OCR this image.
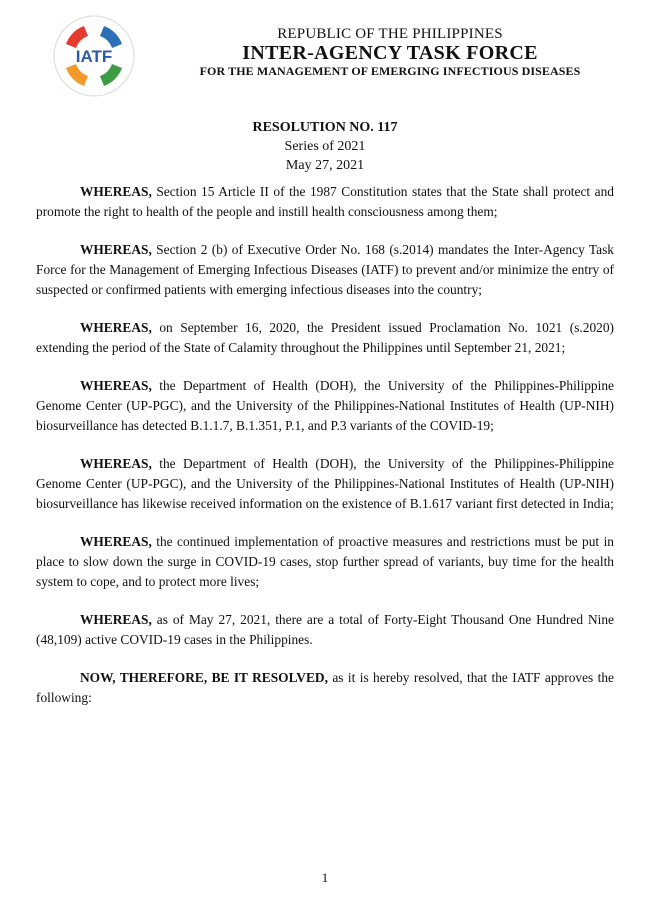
IATF
REPUBLIC OF THE PHILIPPINES
INTER-AGENCY TASK FORCE
FOR THE MANAGEMENT OF EMERGING INFECTIOUS DISEASES
RESOLUTION NO. 117
Series of 2021
May 27, 2021

WHEREAS, Section 15 Article II of the 1987 Constitution states that the State shall protect and promote the right to health of the people and instill health consciousness among them;

WHEREAS, Section 2 (b) of Executive Order No. 168 (s.2014) mandates the Inter-Agency Task Force for the Management of Emerging Infectious Diseases (IATF) to prevent and/or minimize the entry of suspected or confirmed patients with emerging infectious diseases into the country;

WHEREAS, on September 16, 2020, the President issued Proclamation No. 1021 (s.2020) extending the period of the State of Calamity throughout the Philippines until September 21, 2021;

WHEREAS, the Department of Health (DOH), the University of the Philippines-Philippine Genome Center (UP-PGC), and the University of the Philippines-National Institutes of Health (UP-NIH) biosurveillance has detected B.1.1.7, B.1.351, P.1, and P.3 variants of the COVID-19;

WHEREAS, the Department of Health (DOH), the University of the Philippines-Philippine Genome Center (UP-PGC), and the University of the Philippines-National Institutes of Health (UP-NIH) biosurveillance has likewise received information on the existence of B.1.617 variant first detected in India;

WHEREAS, the continued implementation of proactive measures and restrictions must be put in place to slow down the surge in COVID-19 cases, stop further spread of variants, buy time for the health system to cope, and to protect more lives;

WHEREAS, as of May 27, 2021, there are a total of Forty-Eight Thousand One Hundred Nine (48,109) active COVID-19 cases in the Philippines.

NOW, THEREFORE, BE IT RESOLVED, as it is hereby resolved, that the IATF approves the following:

1
